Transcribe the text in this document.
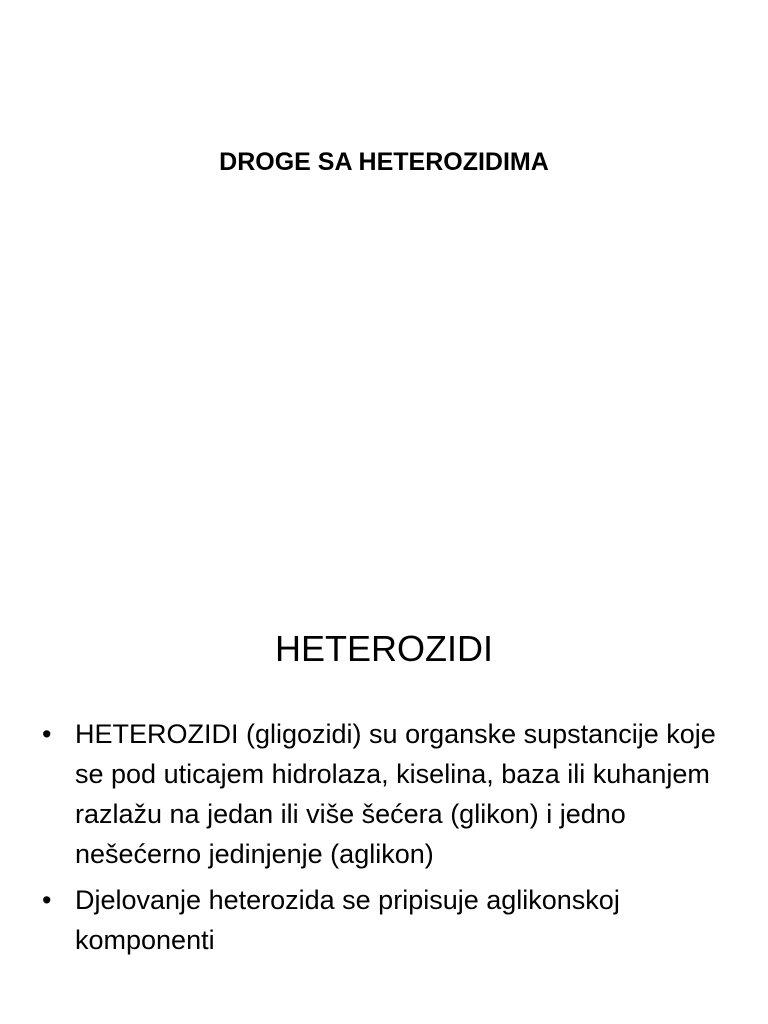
DROGE SA HETEROZIDIMA
HETEROZIDI
• HETEROZIDI (gligozidi) su organske supstancije koje se pod uticajem hidrolaza, kiselina, baza ili kuhanjem razlažu na jedan ili više šećera (glikon) i jedno nešećerno jedinjenje (aglikon)
• Djelovanje heterozida se pripisuje aglikonskoj komponenti
